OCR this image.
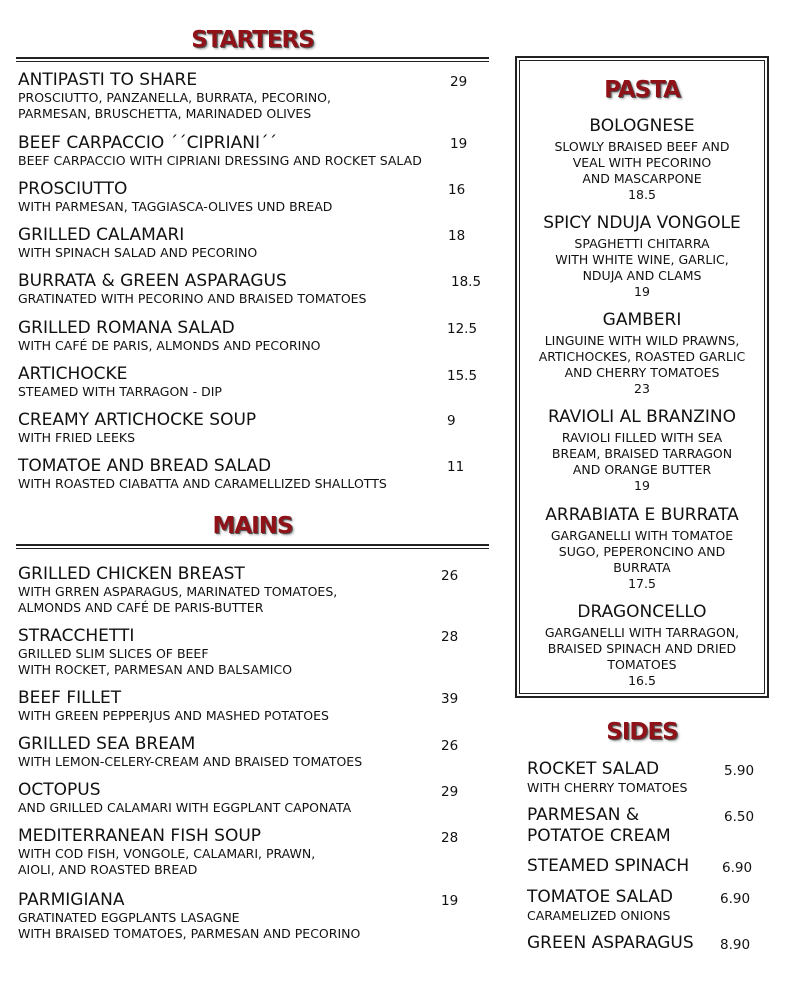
STARTERS
ANTIPASTI TO SHARE
PROSCIUTTO, PANZANELLA, BURRATA, PECORINO,
PARMESAN, BRUSCHETTA, MARINADED OLIVES
29
BEEF CARPACCIO ´´CIPRIANI´´
BEEF CARPACCIO WITH CIPRIANI DRESSING AND ROCKET SALAD
19
PROSCIUTTO
WITH PARMESAN, TAGGIASCA-OLIVES UND BREAD
16
GRILLED CALAMARI
WITH SPINACH SALAD AND PECORINO
18
BURRATA & GREEN ASPARAGUS
GRATINATED WITH PECORINO AND BRAISED TOMATOES
18.5
GRILLED ROMANA SALAD
WITH CAFÉ DE PARIS, ALMONDS AND PECORINO
12.5
ARTICHOCKE
STEAMED WITH TARRAGON - DIP
15.5
CREAMY ARTICHOCKE SOUP
WITH FRIED LEEKS
9
TOMATOE AND BREAD SALAD
WITH ROASTED CIABATTA AND CARAMELLIZED SHALLOTTS
11
MAINS
GRILLED CHICKEN BREAST
WITH GRREN ASPARAGUS, MARINATED TOMATOES,
ALMONDS AND CAFÉ DE PARIS-BUTTER
26
STRACCHETTI
GRILLED SLIM SLICES OF BEEF
WITH ROCKET, PARMESAN AND BALSAMICO
28
BEEF FILLET
WITH GREEN PEPPERJUS AND MASHED POTATOES
39
GRILLED SEA BREAM
WITH LEMON-CELERY-CREAM AND BRAISED TOMATOES
26
OCTOPUS
AND GRILLED CALAMARI WITH EGGPLANT CAPONATA
29
MEDITERRANEAN FISH SOUP
WITH COD FISH, VONGOLE, CALAMARI, PRAWN,
AIOLI, AND ROASTED BREAD
28
PARMIGIANA
GRATINATED EGGPLANTS LASAGNE
WITH BRAISED TOMATOES, PARMESAN AND PECORINO
19
PASTA
BOLOGNESE
SLOWLY BRAISED BEEF AND
VEAL WITH PECORINO
AND MASCARPONE
18.5
SPICY NDUJA VONGOLE
SPAGHETTI CHITARRA
WITH WHITE WINE, GARLIC,
NDUJA AND CLAMS
19
GAMBERI
LINGUINE WITH WILD PRAWNS,
ARTICHOCKES, ROASTED GARLIC
AND CHERRY TOMATOES
23
RAVIOLI AL BRANZINO
RAVIOLI FILLED WITH SEA
BREAM, BRAISED TARRAGON
AND ORANGE BUTTER
19
ARRABIATA E BURRATA
GARGANELLI WITH TOMATOE
SUGO, PEPERONCINO AND
BURRATA
17.5
DRAGONCELLO
GARGANELLI WITH TARRAGON,
BRAISED SPINACH AND DRIED
TOMATOES
16.5
SIDES
ROCKET SALAD
WITH CHERRY TOMATOES
5.90
PARMESAN &
POTATOE CREAM
6.50
STEAMED SPINACH 6.90
TOMATOE SALAD
CARAMELIZED ONIONS
6.90
GREEN ASPARAGUS 8.90
